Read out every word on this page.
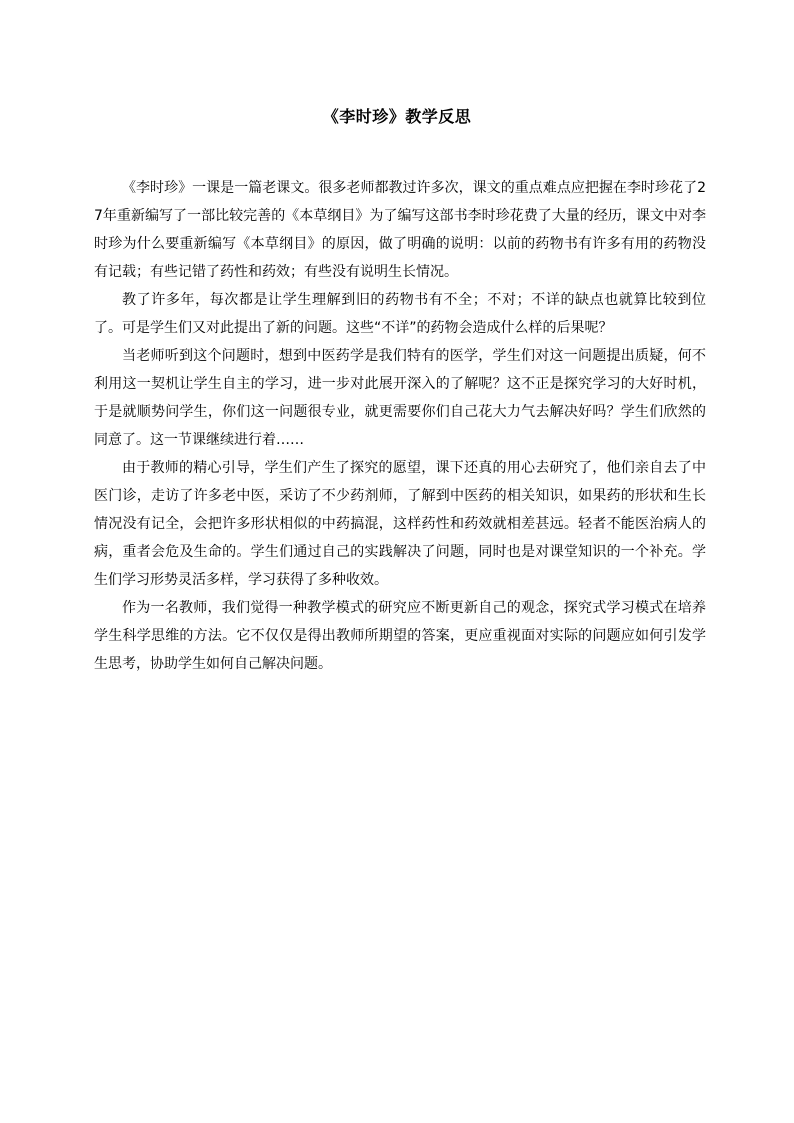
《李时珍》教学反思

《李时珍》一课是一篇老课文。很多老师都教过许多次，课文的重点难点应把握在李时珍花了27年重新编写了一部比较完善的《本草纲目》为了编写这部书李时珍花费了大量的经历，课文中对李时珍为什么要重新编写《本草纲目》的原因，做了明确的说明：以前的药物书有许多有用的药物没有记载；有些记错了药性和药效；有些没有说明生长情况。

教了许多年，每次都是让学生理解到旧的药物书有不全；不对；不详的缺点也就算比较到位了。可是学生们又对此提出了新的问题。这些“不详”的药物会造成什么样的后果呢？

当老师听到这个问题时，想到中医药学是我们特有的医学，学生们对这一问题提出质疑，何不利用这一契机让学生自主的学习，进一步对此展开深入的了解呢？这不正是探究学习的大好时机，于是就顺势问学生，你们这一问题很专业，就更需要你们自己花大力气去解决好吗？学生们欣然的同意了。这一节课继续进行着……

由于教师的精心引导，学生们产生了探究的愿望，课下还真的用心去研究了，他们亲自去了中医门诊，走访了许多老中医，采访了不少药剂师，了解到中医药的相关知识，如果药的形状和生长情况没有记全，会把许多形状相似的中药搞混，这样药性和药效就相差甚远。轻者不能医治病人的病，重者会危及生命的。学生们通过自己的实践解决了问题，同时也是对课堂知识的一个补充。学生们学习形势灵活多样，学习获得了多种收效。

作为一名教师，我们觉得一种教学模式的研究应不断更新自己的观念，探究式学习模式在培养学生科学思维的方法。它不仅仅是得出教师所期望的答案，更应重视面对实际的问题应如何引发学生思考，协助学生如何自己解决问题。
